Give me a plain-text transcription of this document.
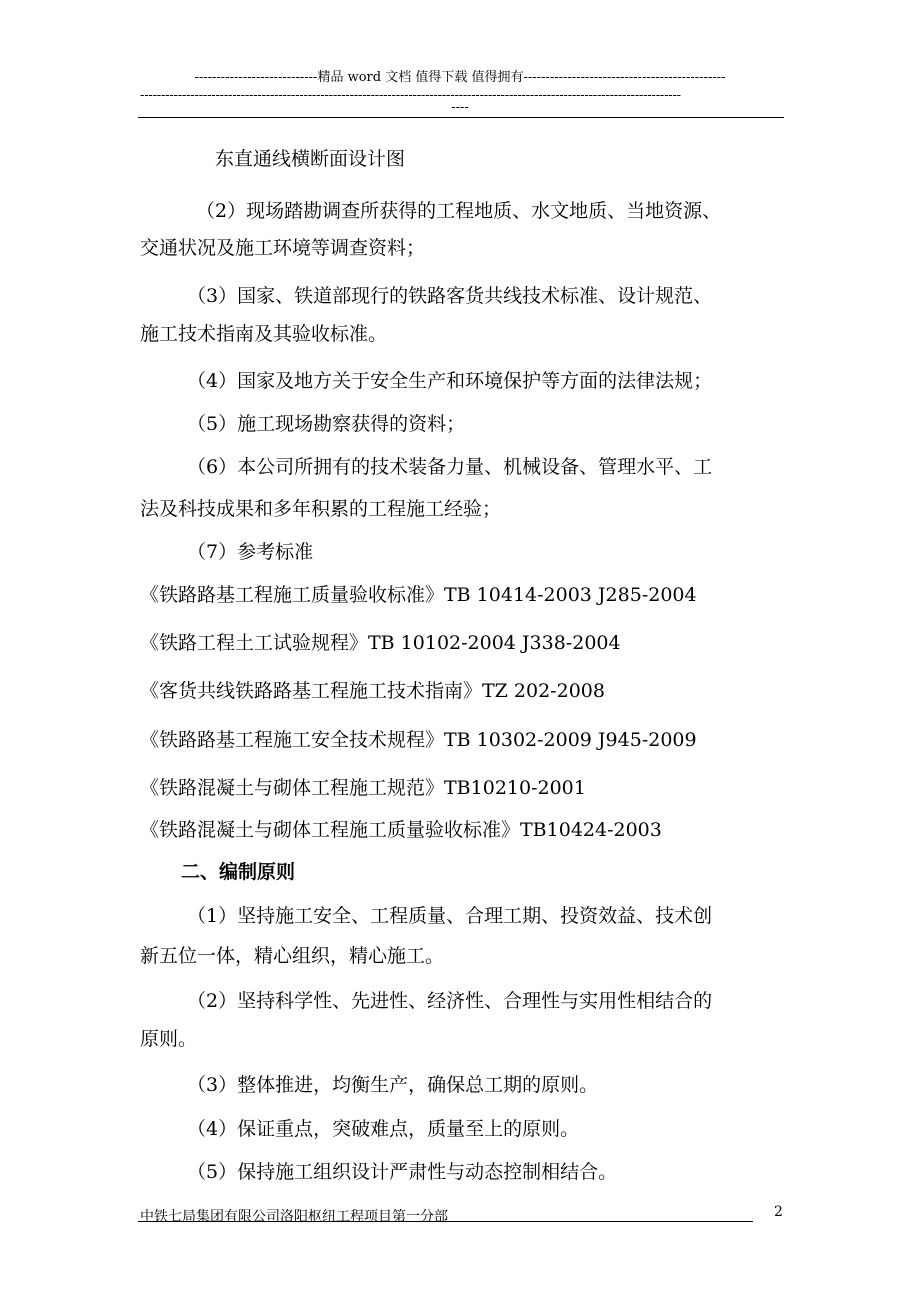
----------------------------精品 word 文档 值得下载 值得拥有----------------------------------------------
---------------------------------------------------------------------------------------------------------------------------------
----
东直通线横断面设计图
（2）现场踏勘调查所获得的工程地质、水文地质、当地资源、
交通状况及施工环境等调查资料；
（3）国家、铁道部现行的铁路客货共线技术标准、设计规范、
施工技术指南及其验收标准。
（4）国家及地方关于安全生产和环境保护等方面的法律法规；
（5）施工现场勘察获得的资料；
（6）本公司所拥有的技术装备力量、机械设备、管理水平、工
法及科技成果和多年积累的工程施工经验；
（7）参考标准
《铁路路基工程施工质量验收标准》TB 10414-2003 J285-2004
《铁路工程土工试验规程》TB 10102-2004 J338-2004
《客货共线铁路路基工程施工技术指南》TZ 202-2008
《铁路路基工程施工安全技术规程》TB 10302-2009 J945-2009
《铁路混凝土与砌体工程施工规范》TB10210-2001
《铁路混凝土与砌体工程施工质量验收标准》TB10424-2003
二、编制原则
（1）坚持施工安全、工程质量、合理工期、投资效益、技术创
新五位一体，精心组织，精心施工。
（2）坚持科学性、先进性、经济性、合理性与实用性相结合的
原则。
（3）整体推进，均衡生产，确保总工期的原则。
（4）保证重点，突破难点，质量至上的原则。
（5）保持施工组织设计严肃性与动态控制相结合。
中铁七局集团有限公司洛阳枢纽工程项目第一分部	2
